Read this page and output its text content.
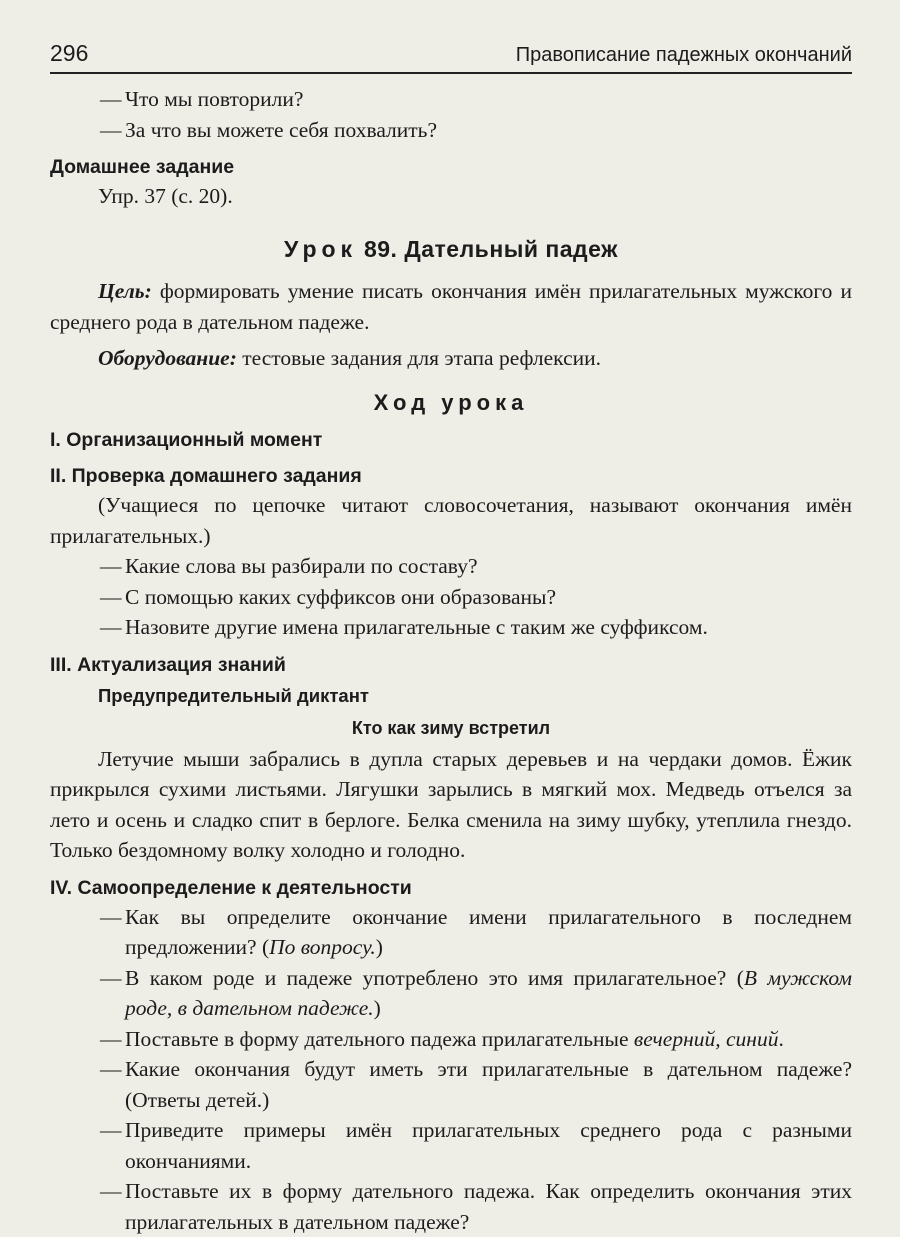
296	Правописание падежных окончаний
— Что мы повторили?
— За что вы можете себя похвалить?
Домашнее задание
Упр. 37 (с. 20).
Урок 89. Дательный падеж
Цель: формировать умение писать окончания имён прилагательных мужского и среднего рода в дательном падеже.
Оборудование: тестовые задания для этапа рефлексии.
Ход урока
I. Организационный момент
II. Проверка домашнего задания
(Учащиеся по цепочке читают словосочетания, называют окончания имён прилагательных.)
— Какие слова вы разбирали по составу?
— С помощью каких суффиксов они образованы?
— Назовите другие имена прилагательные с таким же суффиксом.
III. Актуализация знаний
Предупредительный диктант
Кто как зиму встретил
Летучие мыши забрались в дупла старых деревьев и на чердаки домов. Ёжик прикрылся сухими листьями. Лягушки зарылись в мягкий мох. Медведь отъелся за лето и осень и сладко спит в берлоге. Белка сменила на зиму шубку, утеплила гнездо. Только бездомному волку холодно и голодно.
IV. Самоопределение к деятельности
— Как вы определите окончание имени прилагательного в последнем предложении? (По вопросу.)
— В каком роде и падеже употреблено это имя прилагательное? (В мужском роде, в дательном падеже.)
— Поставьте в форму дательного падежа прилагательные вечерний, синий.
— Какие окончания будут иметь эти прилагательные в дательном падеже? (Ответы детей.)
— Приведите примеры имён прилагательных среднего рода с разными окончаниями.
— Поставьте их в форму дательного падежа. Как определить окончания этих прилагательных в дательном падеже?
